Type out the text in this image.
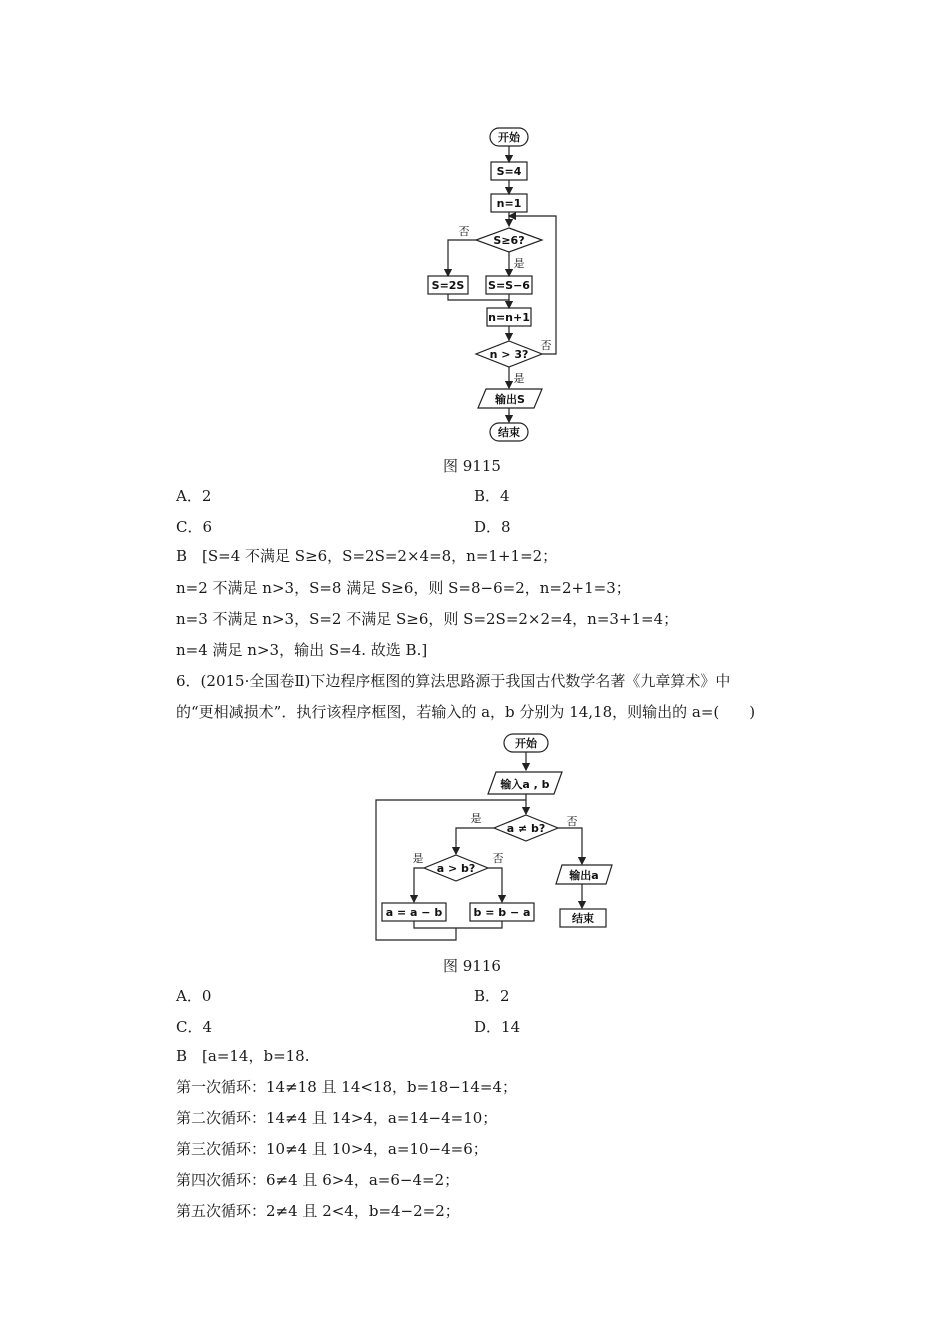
开始
S=4
n=1
S≥6?
否
是
S=2S S=S−6
n=n+1
n > 3?
否
是
输出S
结束
图 9115
A．2	B．4
C．6	D．8
B　[S=4 不满足 S≥6，S=2S=2×4=8，n=1+1=2；
n=2 不满足 n>3，S=8 满足 S≥6，则 S=8−6=2，n=2+1=3；
n=3 不满足 n>3，S=2 不满足 S≥6，则 S=2S=2×2=4，n=3+1=4；
n=4 满足 n>3，输出 S=4. 故选 B.]
6．(2015·全国卷Ⅱ)下边程序框图的算法思路源于我国古代数学名著《九章算术》中
的“更相减损术”．执行该程序框图，若输入的 a，b 分别为 14,18，则输出的 a=(　　)
开始
输入a , b
a ≠ b?
是	否
a > b?
是	否
a = a − b	b = b − a
输出a
结束
图 9116
A．0	B．2
C．4	D．14
B　[a=14，b=18.
第一次循环：14≠18 且 14<18，b=18−14=4；
第二次循环：14≠4 且 14>4，a=14−4=10；
第三次循环：10≠4 且 10>4，a=10−4=6；
第四次循环：6≠4 且 6>4，a=6−4=2；
第五次循环：2≠4 且 2<4，b=4−2=2；
